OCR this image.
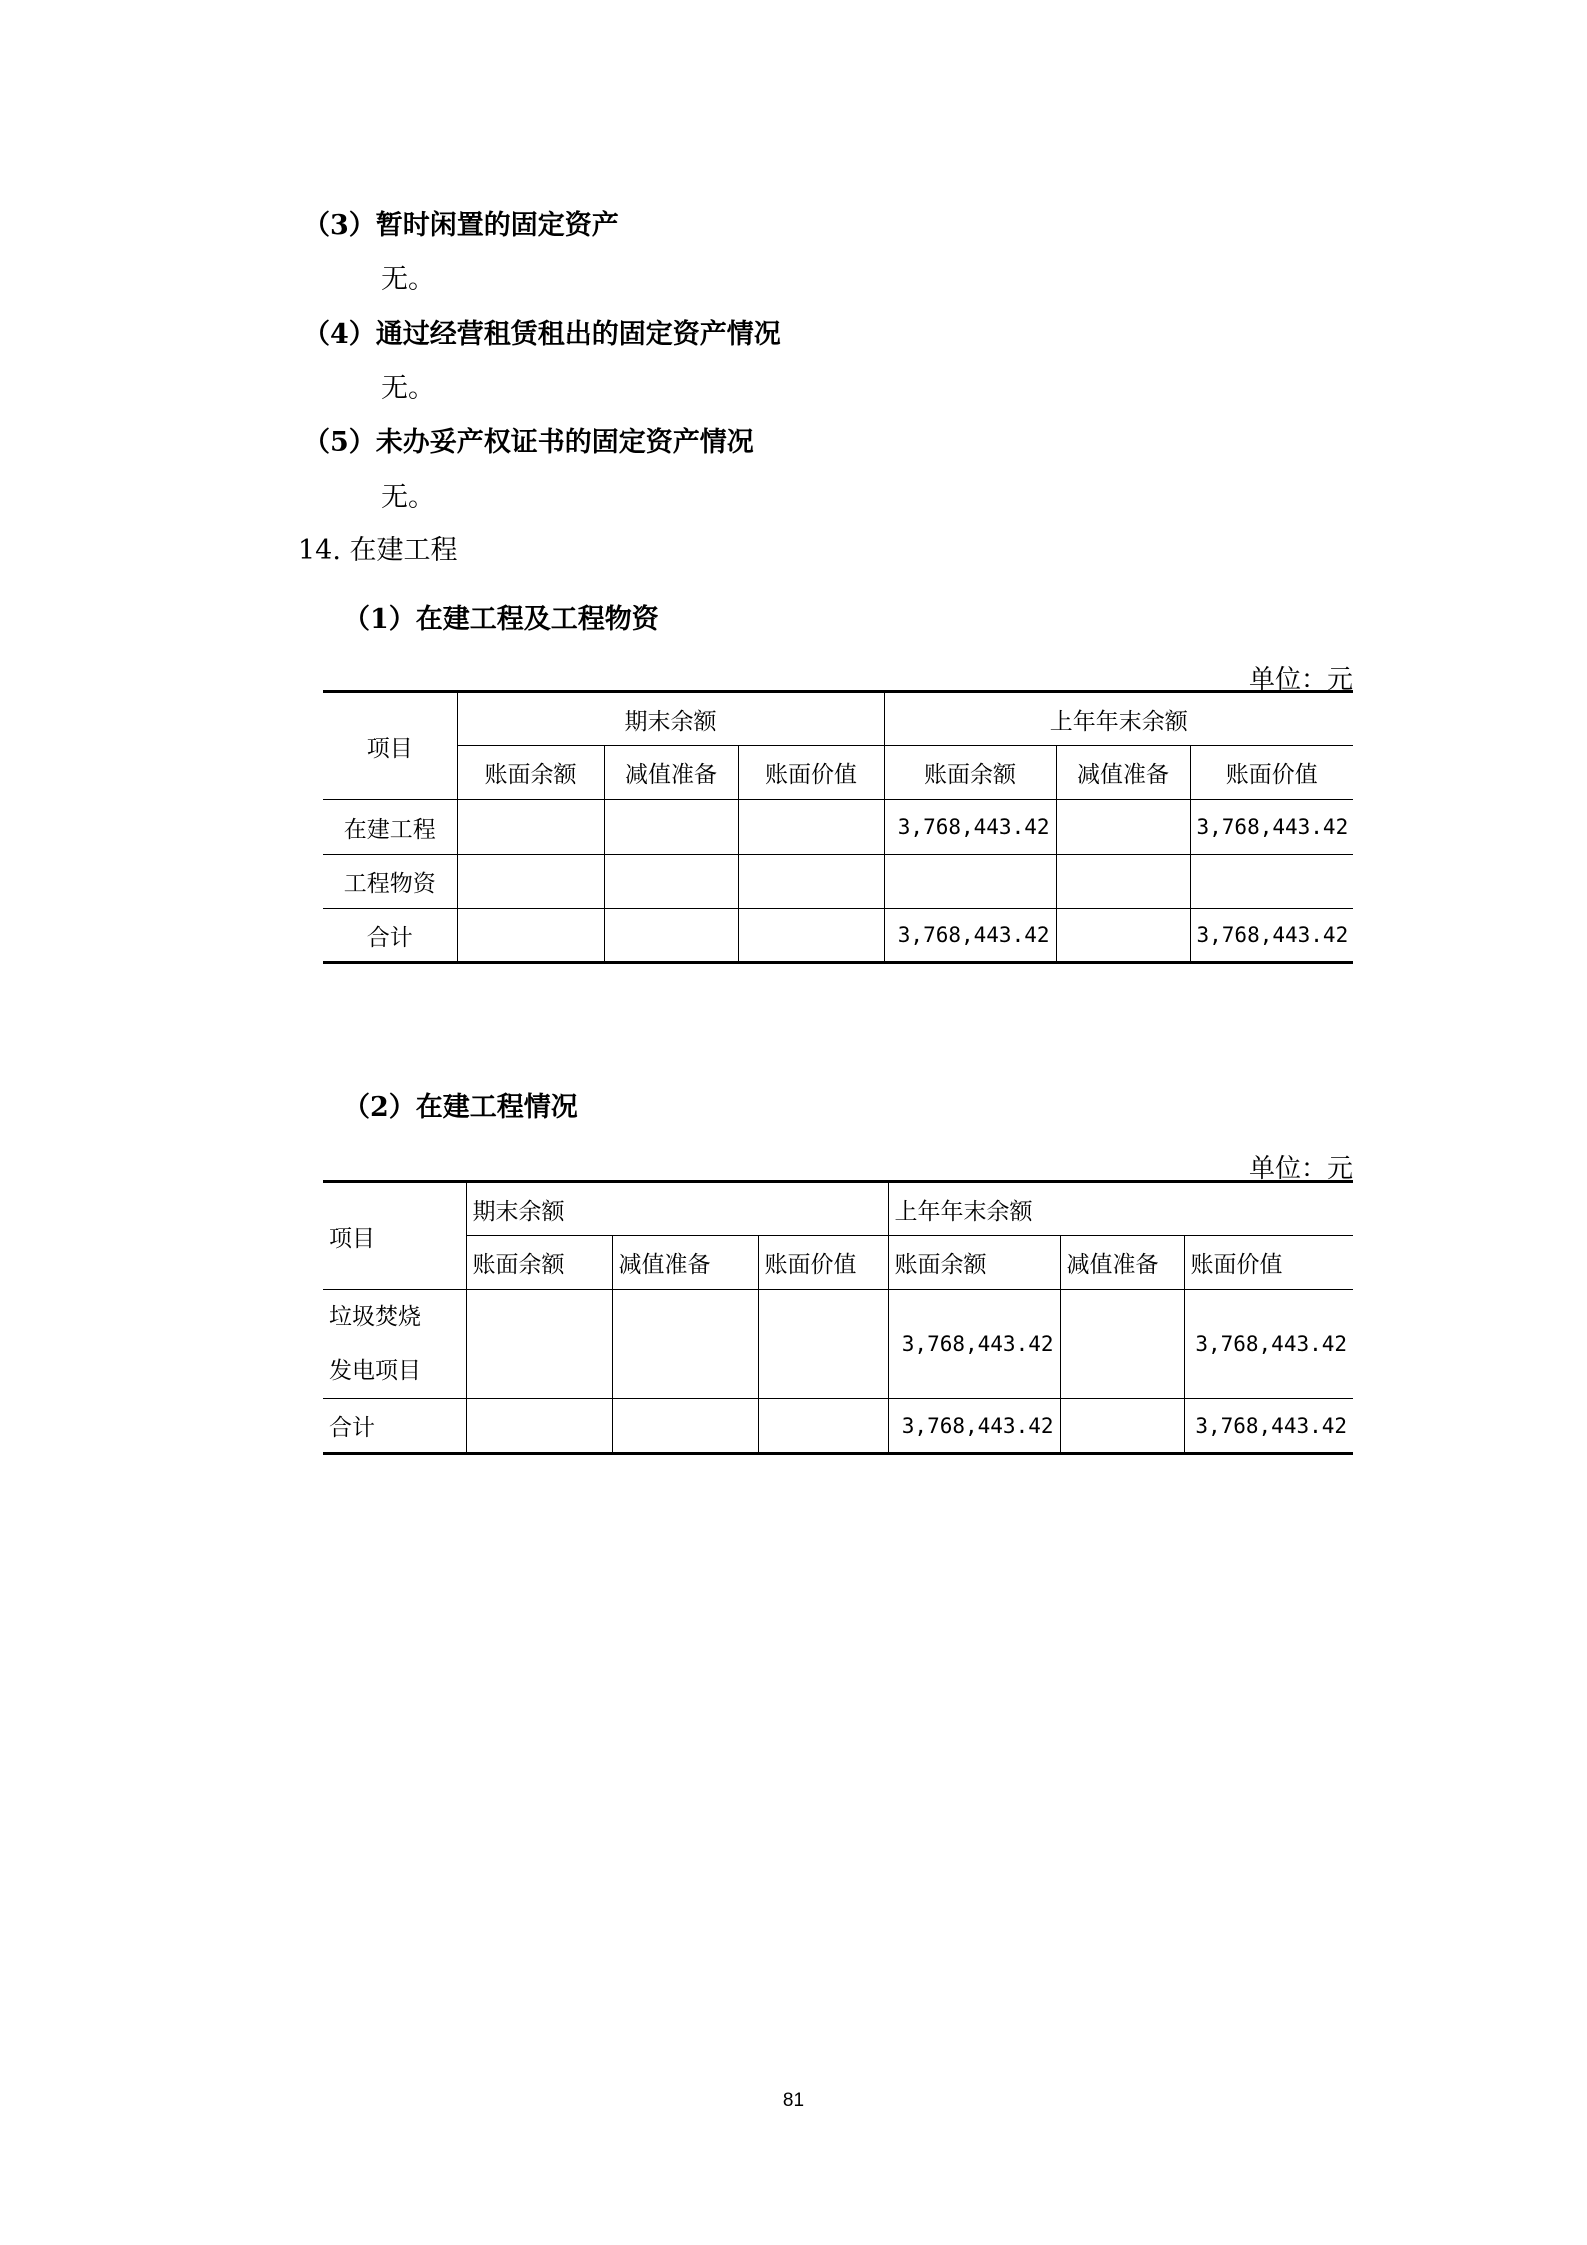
（3）暂时闲置的固定资产
无。
（4）通过经营租赁租出的固定资产情况
无。
（5）未办妥产权证书的固定资产情况
无。
14. 在建工程
（1）在建工程及工程物资
单位：元
项目	期末余额			上年年末余额		
	账面余额	减值准备	账面价值	账面余额	减值准备	账面价值
在建工程				3,768,443.42		3,768,443.42
工程物资						
合计				3,768,443.42		3,768,443.42
（2）在建工程情况
单位：元
项目	期末余额			上年年末余额		
	账面余额	减值准备	账面价值	账面余额	减值准备	账面价值

垃圾焚烧
发电项目				3,768,443.42		3,768,443.42
合计				3,768,443.42		3,768,443.42
81
